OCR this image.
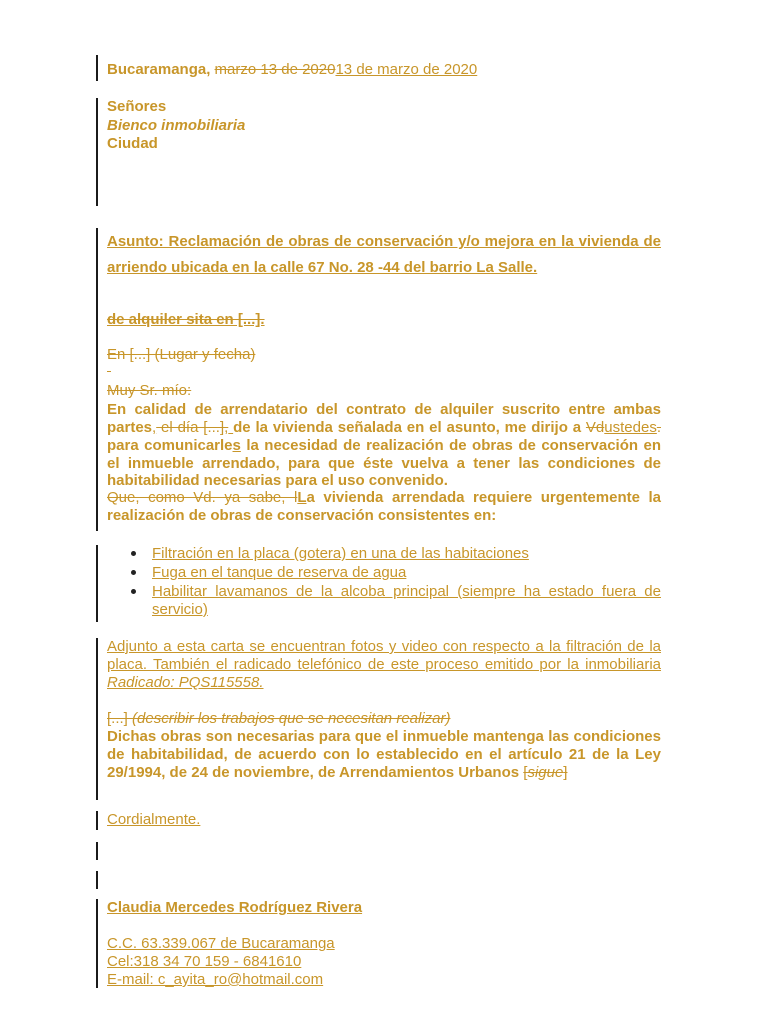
Bucaramanga, marzo 13 de 202013 de marzo de 2020
Señores
Bienco inmobiliaria
Ciudad
Asunto: Reclamación de obras de conservación y/o mejora en la vivienda de
arriendo ubicada en la calle 67 No. 28 -44 del barrio La Salle.
de alquiler sita en [...].
En [...] (Lugar y fecha)
Muy Sr. mío:
En calidad de arrendatario del contrato de alquiler suscrito entre ambas
partes, el día [...], de la vivienda señalada en el asunto, me dirijo a Vdustedes.
para comunicarles la necesidad de realización de obras de conservación en
el inmueble arrendado, para que éste vuelva a tener las condiciones de
habitabilidad necesarias para el uso convenido.
Que, como Vd. ya sabe, lLa vivienda arrendada requiere urgentemente la
realización de obras de conservación consistentes en:
Filtración en la placa (gotera) en una de las habitaciones
Fuga en el tanque de reserva de agua
Habilitar lavamanos de la alcoba principal (siempre ha estado fuera de servicio)
Adjunto a esta carta se encuentran fotos y video con respecto a la filtración de la
placa. También el radicado telefónico de este proceso emitido por la inmobiliaria
Radicado: PQS115558.
[...] (describir los trabajos que se necesitan realizar)
Dichas obras son necesarias para que el inmueble mantenga las condiciones
de habitabilidad, de acuerdo con lo establecido en el artículo 21 de la Ley
29/1994, de 24 de noviembre, de Arrendamientos Urbanos [sigue]
Cordialmente.
Claudia Mercedes Rodríguez Rivera
C.C. 63.339.067 de Bucaramanga
Cel:318 34 70 159 - 6841610
E-mail: c_ayita_ro@hotmail.com
